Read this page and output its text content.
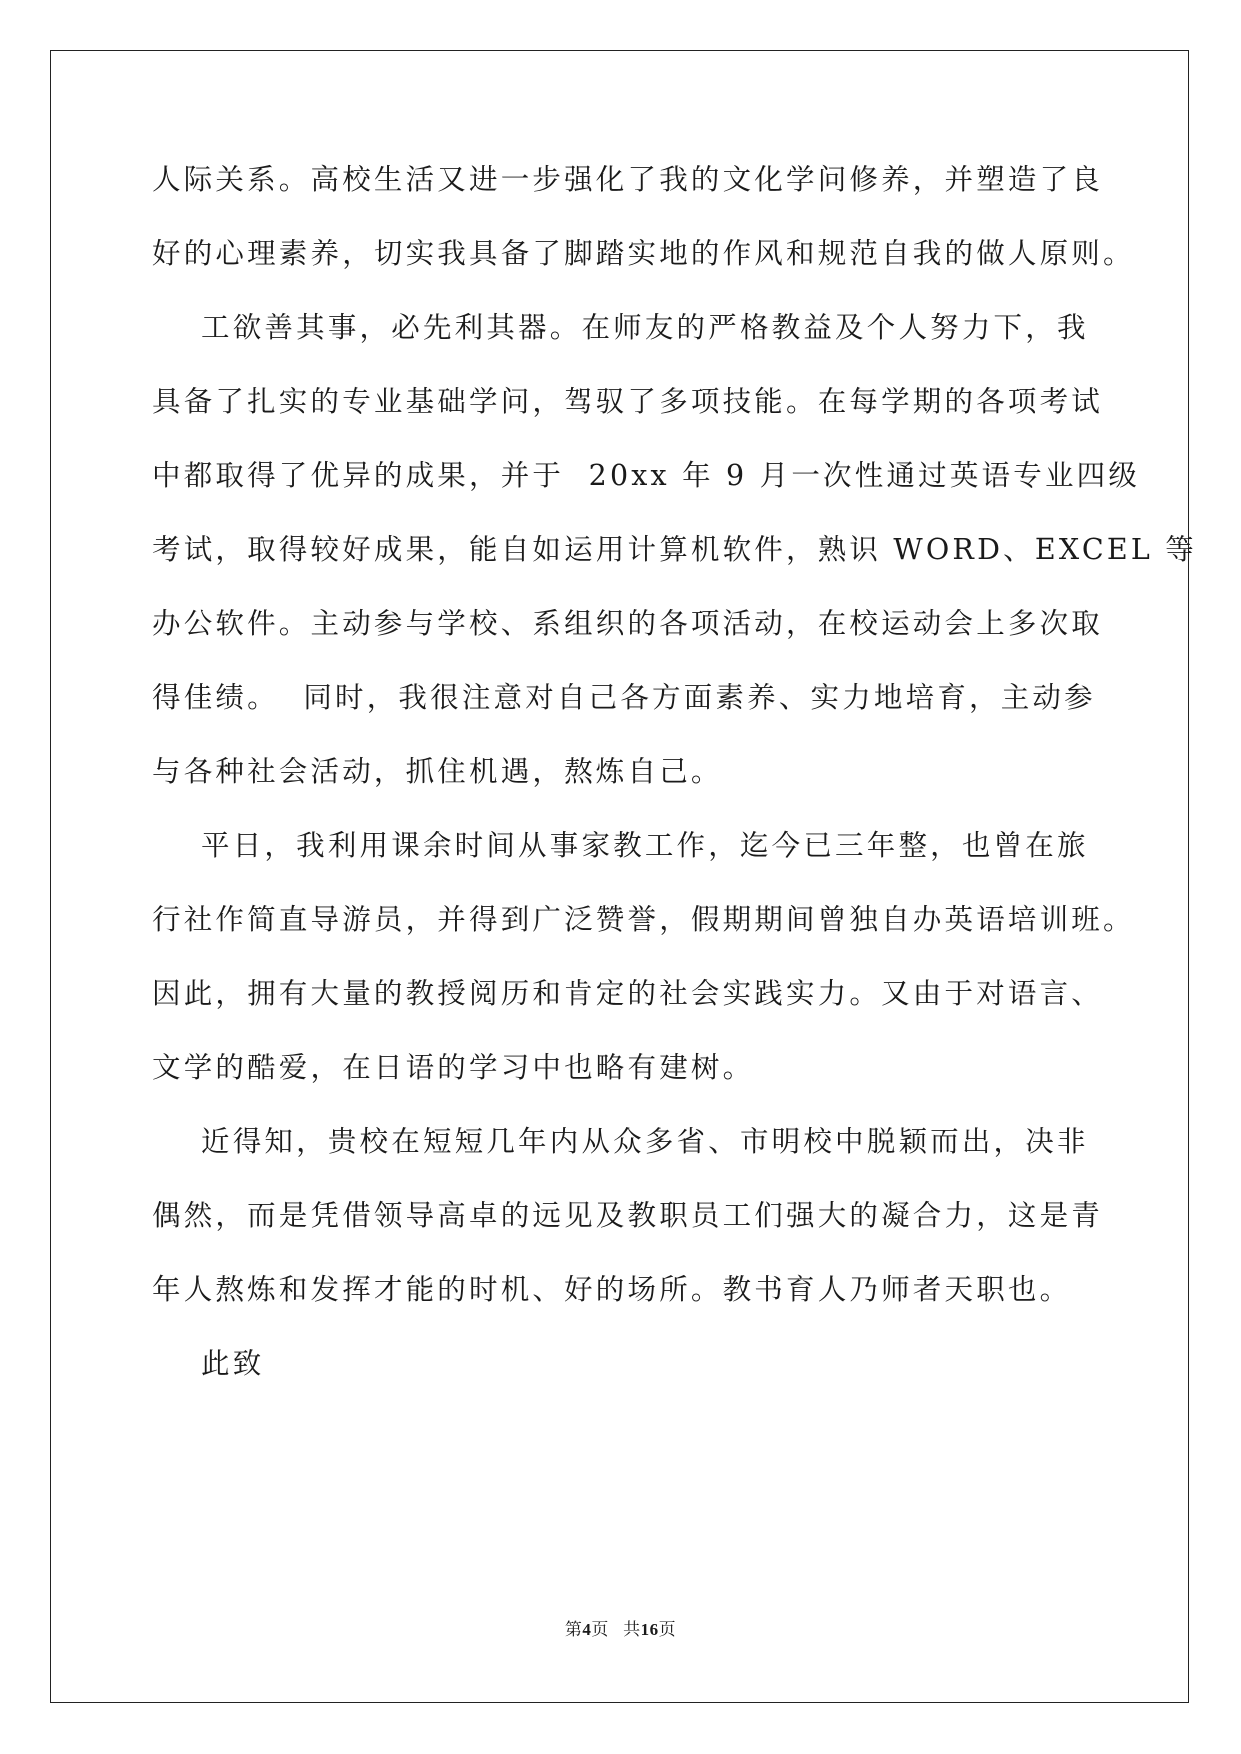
人际关系。高校生活又进一步强化了我的文化学问修养，并塑造了良
好的心理素养，切实我具备了脚踏实地的作风和规范自我的做人原则。
工欲善其事，必先利其器。在师友的严格教益及个人努力下，我
具备了扎实的专业基础学问，驾驭了多项技能。在每学期的各项考试
中都取得了优异的成果，并于  20xx 年 9 月一次性通过英语专业四级
考试，取得较好成果，能自如运用计算机软件，熟识 WORD、EXCEL 等
办公软件。主动参与学校、系组织的各项活动，在校运动会上多次取
得佳绩。  同时，我很注意对自己各方面素养、实力地培育，主动参
与各种社会活动，抓住机遇，熬炼自己。
平日，我利用课余时间从事家教工作，迄今已三年整，也曾在旅
行社作简直导游员，并得到广泛赞誉，假期期间曾独自办英语培训班。
因此，拥有大量的教授阅历和肯定的社会实践实力。又由于对语言、
文学的酷爱，在日语的学习中也略有建树。
近得知，贵校在短短几年内从众多省、市明校中脱颖而出，决非
偶然，而是凭借领导高卓的远见及教职员工们强大的凝合力，这是青
年人熬炼和发挥才能的时机、好的场所。教书育人乃师者天职也。
此致
第4页 共16页
